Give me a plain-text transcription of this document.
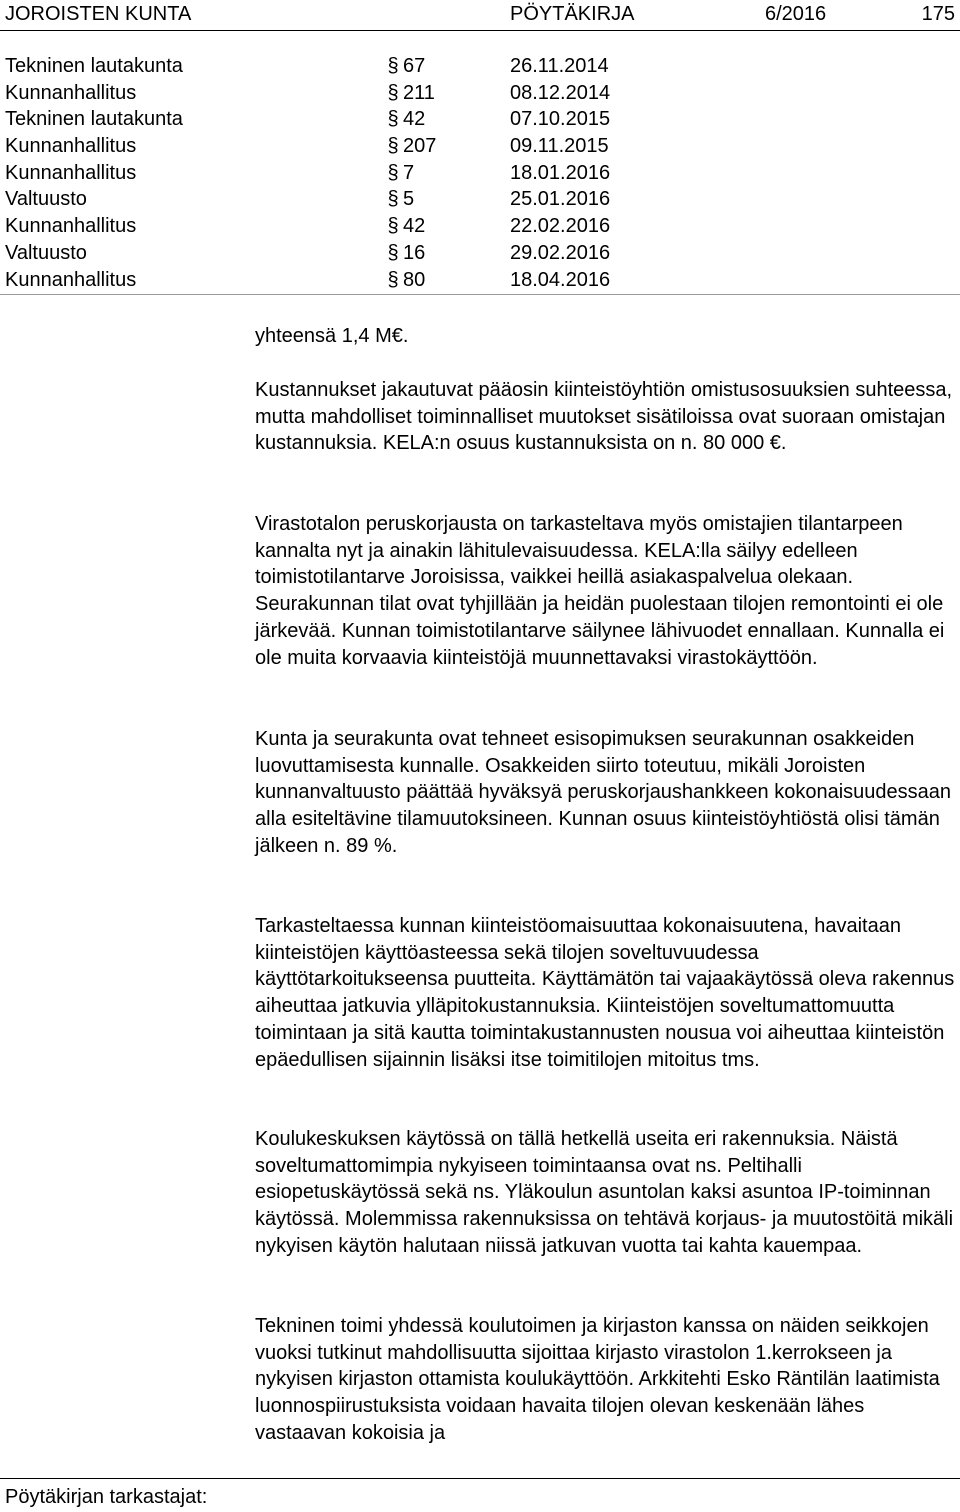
JOROISTEN KUNTA	PÖYTÄKIRJA	6/2016	175
Tekninen lautakunta	§ 67	26.11.2014
Kunnanhallitus	§ 211	08.12.2014
Tekninen lautakunta	§ 42	07.10.2015
Kunnanhallitus	§ 207	09.11.2015
Kunnanhallitus	§ 7	18.01.2016
Valtuusto	§ 5	25.01.2016
Kunnanhallitus	§ 42	22.02.2016
Valtuusto	§ 16	29.02.2016
Kunnanhallitus	§ 80	18.04.2016

yhteensä 1,4 M€.

Kustannukset jakautuvat pääosin kiinteistöyhtiön omistusosuuksien suhteessa, mutta mahdolliset toiminnalliset muutokset sisätiloissa ovat suoraan omistajan kustannuksia. KELA:n osuus kustannuksista on n. 80 000 €.

Virastotalon peruskorjausta on tarkasteltava myös omistajien tilantarpeen kannalta nyt ja ainakin lähitulevaisuudessa. KELA:lla säilyy edelleen toimistotilantarve Joroisissa, vaikkei heillä asiakaspalvelua olekaan. Seurakunnan tilat ovat tyhjillään ja heidän puolestaan tilojen remontointi ei ole järkevää. Kunnan toimistotilantarve säilynee lähivuodet ennallaan. Kunnalla ei ole muita korvaavia kiinteistöjä muunnettavaksi virastokäyttöön.

Kunta ja seurakunta ovat tehneet esisopimuksen seurakunnan osakkeiden luovuttamisesta kunnalle. Osakkeiden siirto toteutuu, mikäli Joroisten kunnanvaltuusto päättää hyväksyä peruskorjaushankkeen kokonaisuudessaan alla esiteltävine tilamuutoksineen. Kunnan osuus kiinteistöyhtiöstä olisi tämän jälkeen n. 89 %.

Tarkasteltaessa kunnan kiinteistöomaisuuttaa kokonaisuutena, havaitaan kiinteistöjen käyttöasteessa sekä tilojen soveltuvuudessa käyttötarkoitukseensa puutteita. Käyttämätön tai vajaakäytössä oleva rakennus aiheuttaa jatkuvia ylläpitokustannuksia. Kiinteistöjen soveltumattomuutta toimintaan ja sitä kautta toimintakustannusten nousua voi aiheuttaa kiinteistön epäedullisen sijainnin lisäksi itse toimitilojen mitoitus tms.

Koulukeskuksen käytössä on tällä hetkellä useita eri rakennuksia. Näistä soveltumattomimpia nykyiseen toimintaansa ovat ns. Peltihalli esiopetuskäytössä sekä ns. Yläkoulun asuntolan kaksi asuntoa IP-toiminnan käytössä. Molemmissa rakennuksissa on tehtävä korjaus- ja muutostöitä mikäli nykyisen käytön halutaan niissä jatkuvan vuotta tai kahta kauempaa.

Tekninen toimi yhdessä koulutoimen ja kirjaston kanssa on näiden seikkojen vuoksi tutkinut mahdollisuutta sijoittaa kirjasto virastolon 1.kerrokseen ja nykyisen kirjaston ottamista koulukäyttöön. Arkkitehti Esko Räntilän laatimista luonnospiirustuksista voidaan havaita tilojen olevan keskenään lähes vastaavan kokoisia ja

Pöytäkirjan tarkastajat:
